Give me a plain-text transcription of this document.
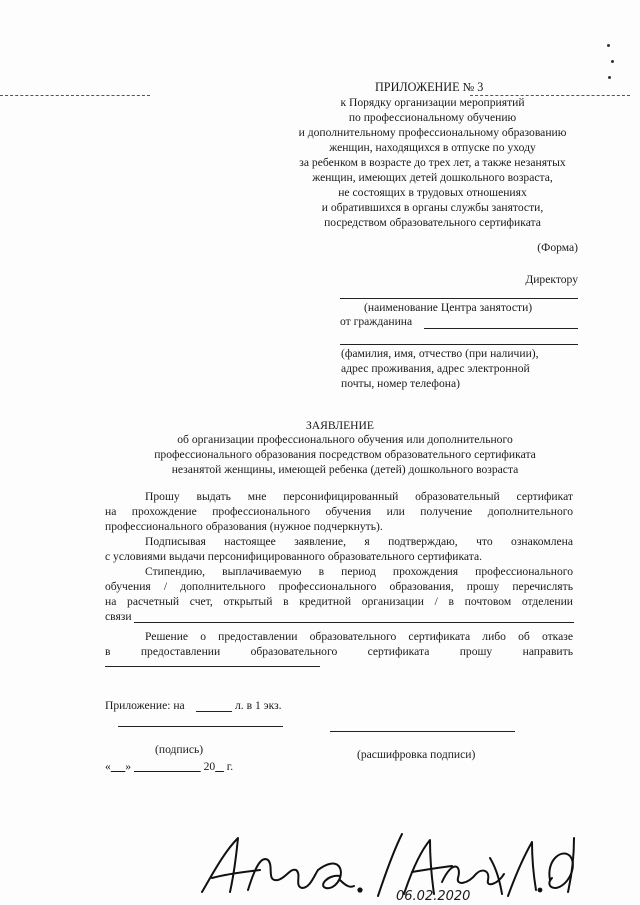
ПРИЛОЖЕНИЕ № 3
к Порядку организации мероприятий
по профессиональному обучению
и дополнительному профессиональному образованию
женщин, находящихся в отпуске по уходу
за ребенком в возрасте до трех лет, а также незанятых
женщин, имеющих детей дошкольного возраста,
не состоящих в трудовых отношениях
и обратившихся в органы службы занятости,
посредством образовательного сертификата
(Форма)
Директору
(наименование Центра занятости)
от гражданина
(фамилия, имя, отчество (при наличии),
адрес проживания, адрес электронной
почты, номер телефона)
ЗАЯВЛЕНИЕ
об организации профессионального обучения или дополнительного
профессионального образования посредством образовательного сертификата
незанятой женщины, имеющей ребенка (детей) дошкольного возраста
Прошу выдать мне персонифицированный образовательный сертификат
на прохождение профессионального обучения или получение дополнительного
профессионального образования (нужное подчеркнуть).
Подписывая настоящее заявление, я подтверждаю, что ознакомлена
с условиями выдачи персонифицированного образовательного сертификата.
Стипендию, выплачиваемую в период прохождения профессионального
обучения / дополнительного профессионального образования, прошу перечислять
на расчетный счет, открытый в кредитной организации / в почтовом отделении
связи
Решение о предоставлении образовательного сертификата либо об отказе
в предоставлении образовательного сертификата прошу направить
Приложение: на	л. в 1 экз.
(подпись)	(расшифровка подписи)
« »	20 г.
06.02.2020
